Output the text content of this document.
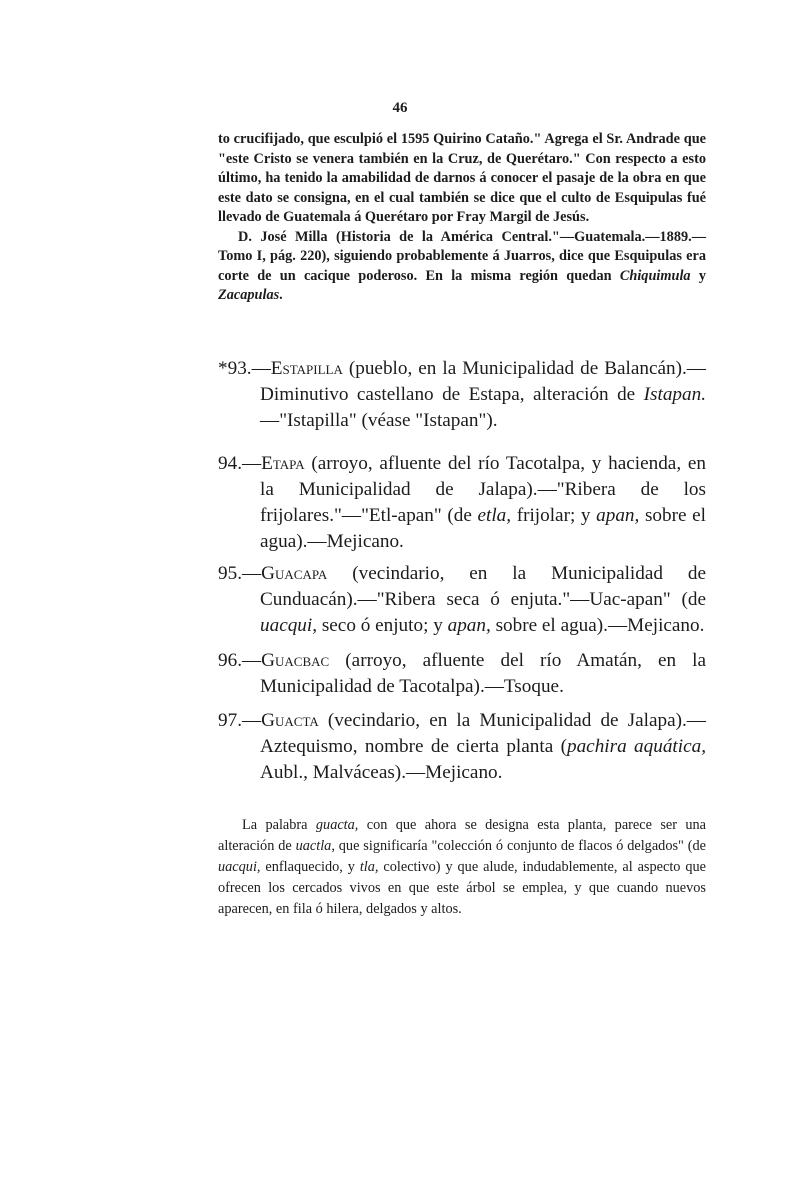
46

to crucifijado, que esculpió el 1595 Quirino Cataño." Agrega el Sr. Andrade que "este Cristo se venera también en la Cruz, de Querétaro." Con respecto a esto último, ha tenido la amabilidad de darnos á conocer el pasaje de la obra en que este dato se consigna, en el cual también se dice que el culto de Esquipulas fué llevado de Guatemala á Querétaro por Fray Margil de Jesús.

D. José Milla (Historia de la América Central."—Guatemala.—1889.—Tomo I, pág. 220), siguiendo probablemente á Juarros, dice que Esquipulas era corte de un cacique poderoso. En la misma región quedan Chiquimula y Zacapulas.

*93.—Estapilla (pueblo, en la Municipalidad de Balancán).—Diminutivo castellano de Estapa, alteración de Istapan. —"Istapilla" (véase "Istapan").
94.—Etapa (arroyo, afluente del río Tacotalpa, y hacienda, en la Municipalidad de Jalapa).—"Ribera de los frijolares."—"Etl-apan" (de etla, frijolar; y apan, sobre el agua).—Mejicano.
95.—Guacapa (vecindario, en la Municipalidad de Cunduacán).—"Ribera seca ó enjuta."—Uac-apan" (de uacqui, seco ó enjuto; y apan, sobre el agua).—Mejicano.
96.—Guacbac (arroyo, afluente del río Amatán, en la Municipalidad de Tacotalpa).—Tsoque.
97.—Guacta (vecindario, en la Municipalidad de Jalapa).—Aztequismo, nombre de cierta planta (pachira aquática, Aubl., Malváceas).—Mejicano.

La palabra guacta, con que ahora se designa esta planta, parece ser una alteración de uactla, que significaría "colección ó conjunto de flacos ó delgados" (de uacqui, enflaquecido, y tla, colectivo) y que alude, indudablemente, al aspecto que ofrecen los cercados vivos en que este árbol se emplea, y que cuando nuevos aparecen, en fila ó hilera, delgados y altos.
